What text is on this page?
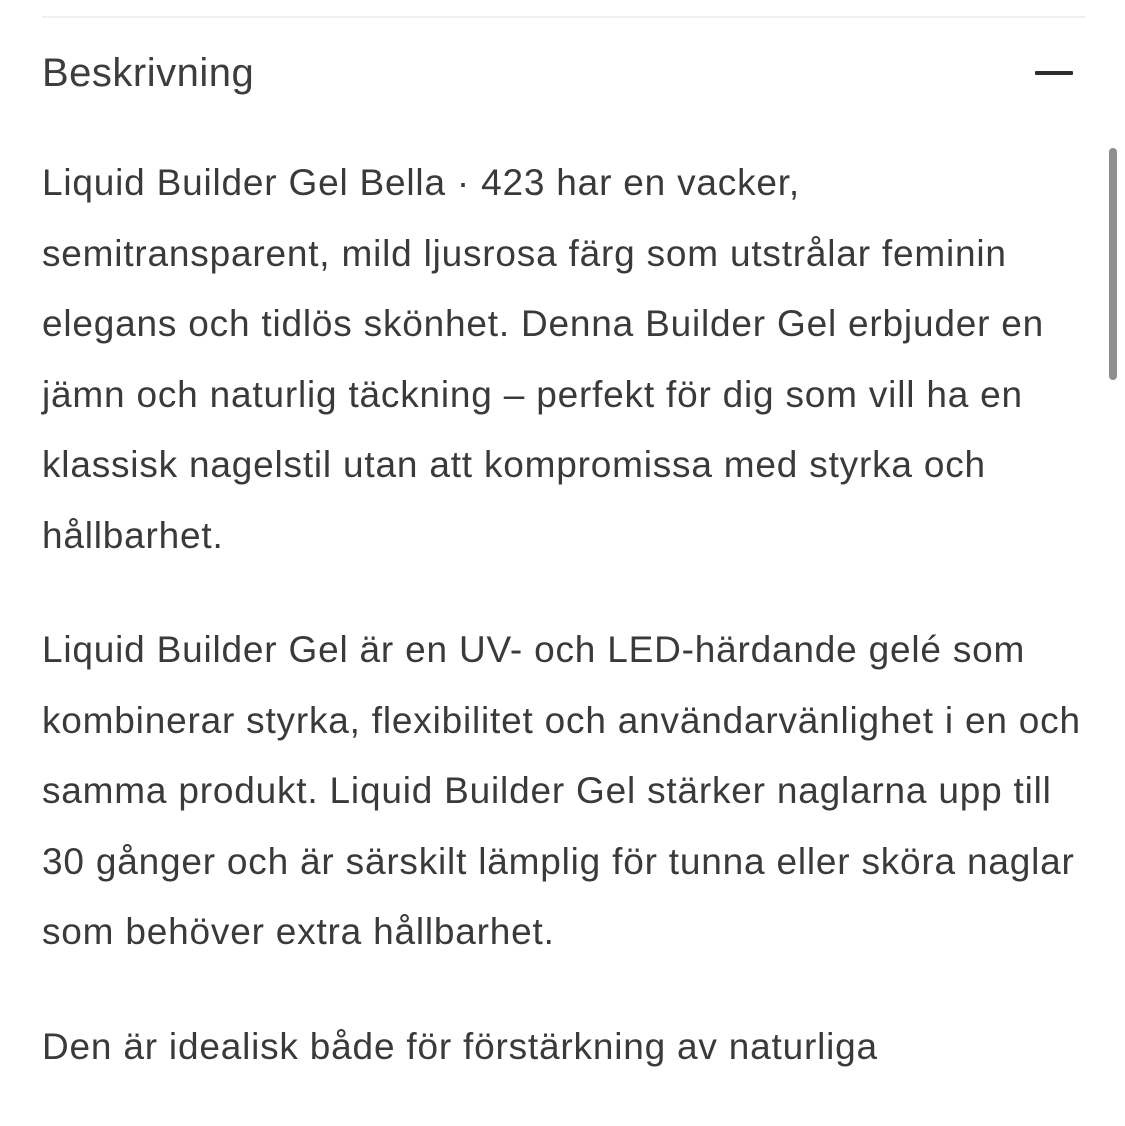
Beskrivning

Liquid Builder Gel Bella · 423 har en vacker, semitransparent, mild ljusrosa färg som utstrålar feminin elegans och tidlös skönhet. Denna Builder Gel erbjuder en jämn och naturlig täckning – perfekt för dig som vill ha en klassisk nagelstil utan att kompromissa med styrka och hållbarhet.

Liquid Builder Gel är en UV- och LED-härdande gelé som kombinerar styrka, flexibilitet och användarvänlighet i en och samma produkt. Liquid Builder Gel stärker naglarna upp till 30 gånger och är särskilt lämplig för tunna eller sköra naglar som behöver extra hållbarhet.

Den är idealisk både för förstärkning av naturliga
